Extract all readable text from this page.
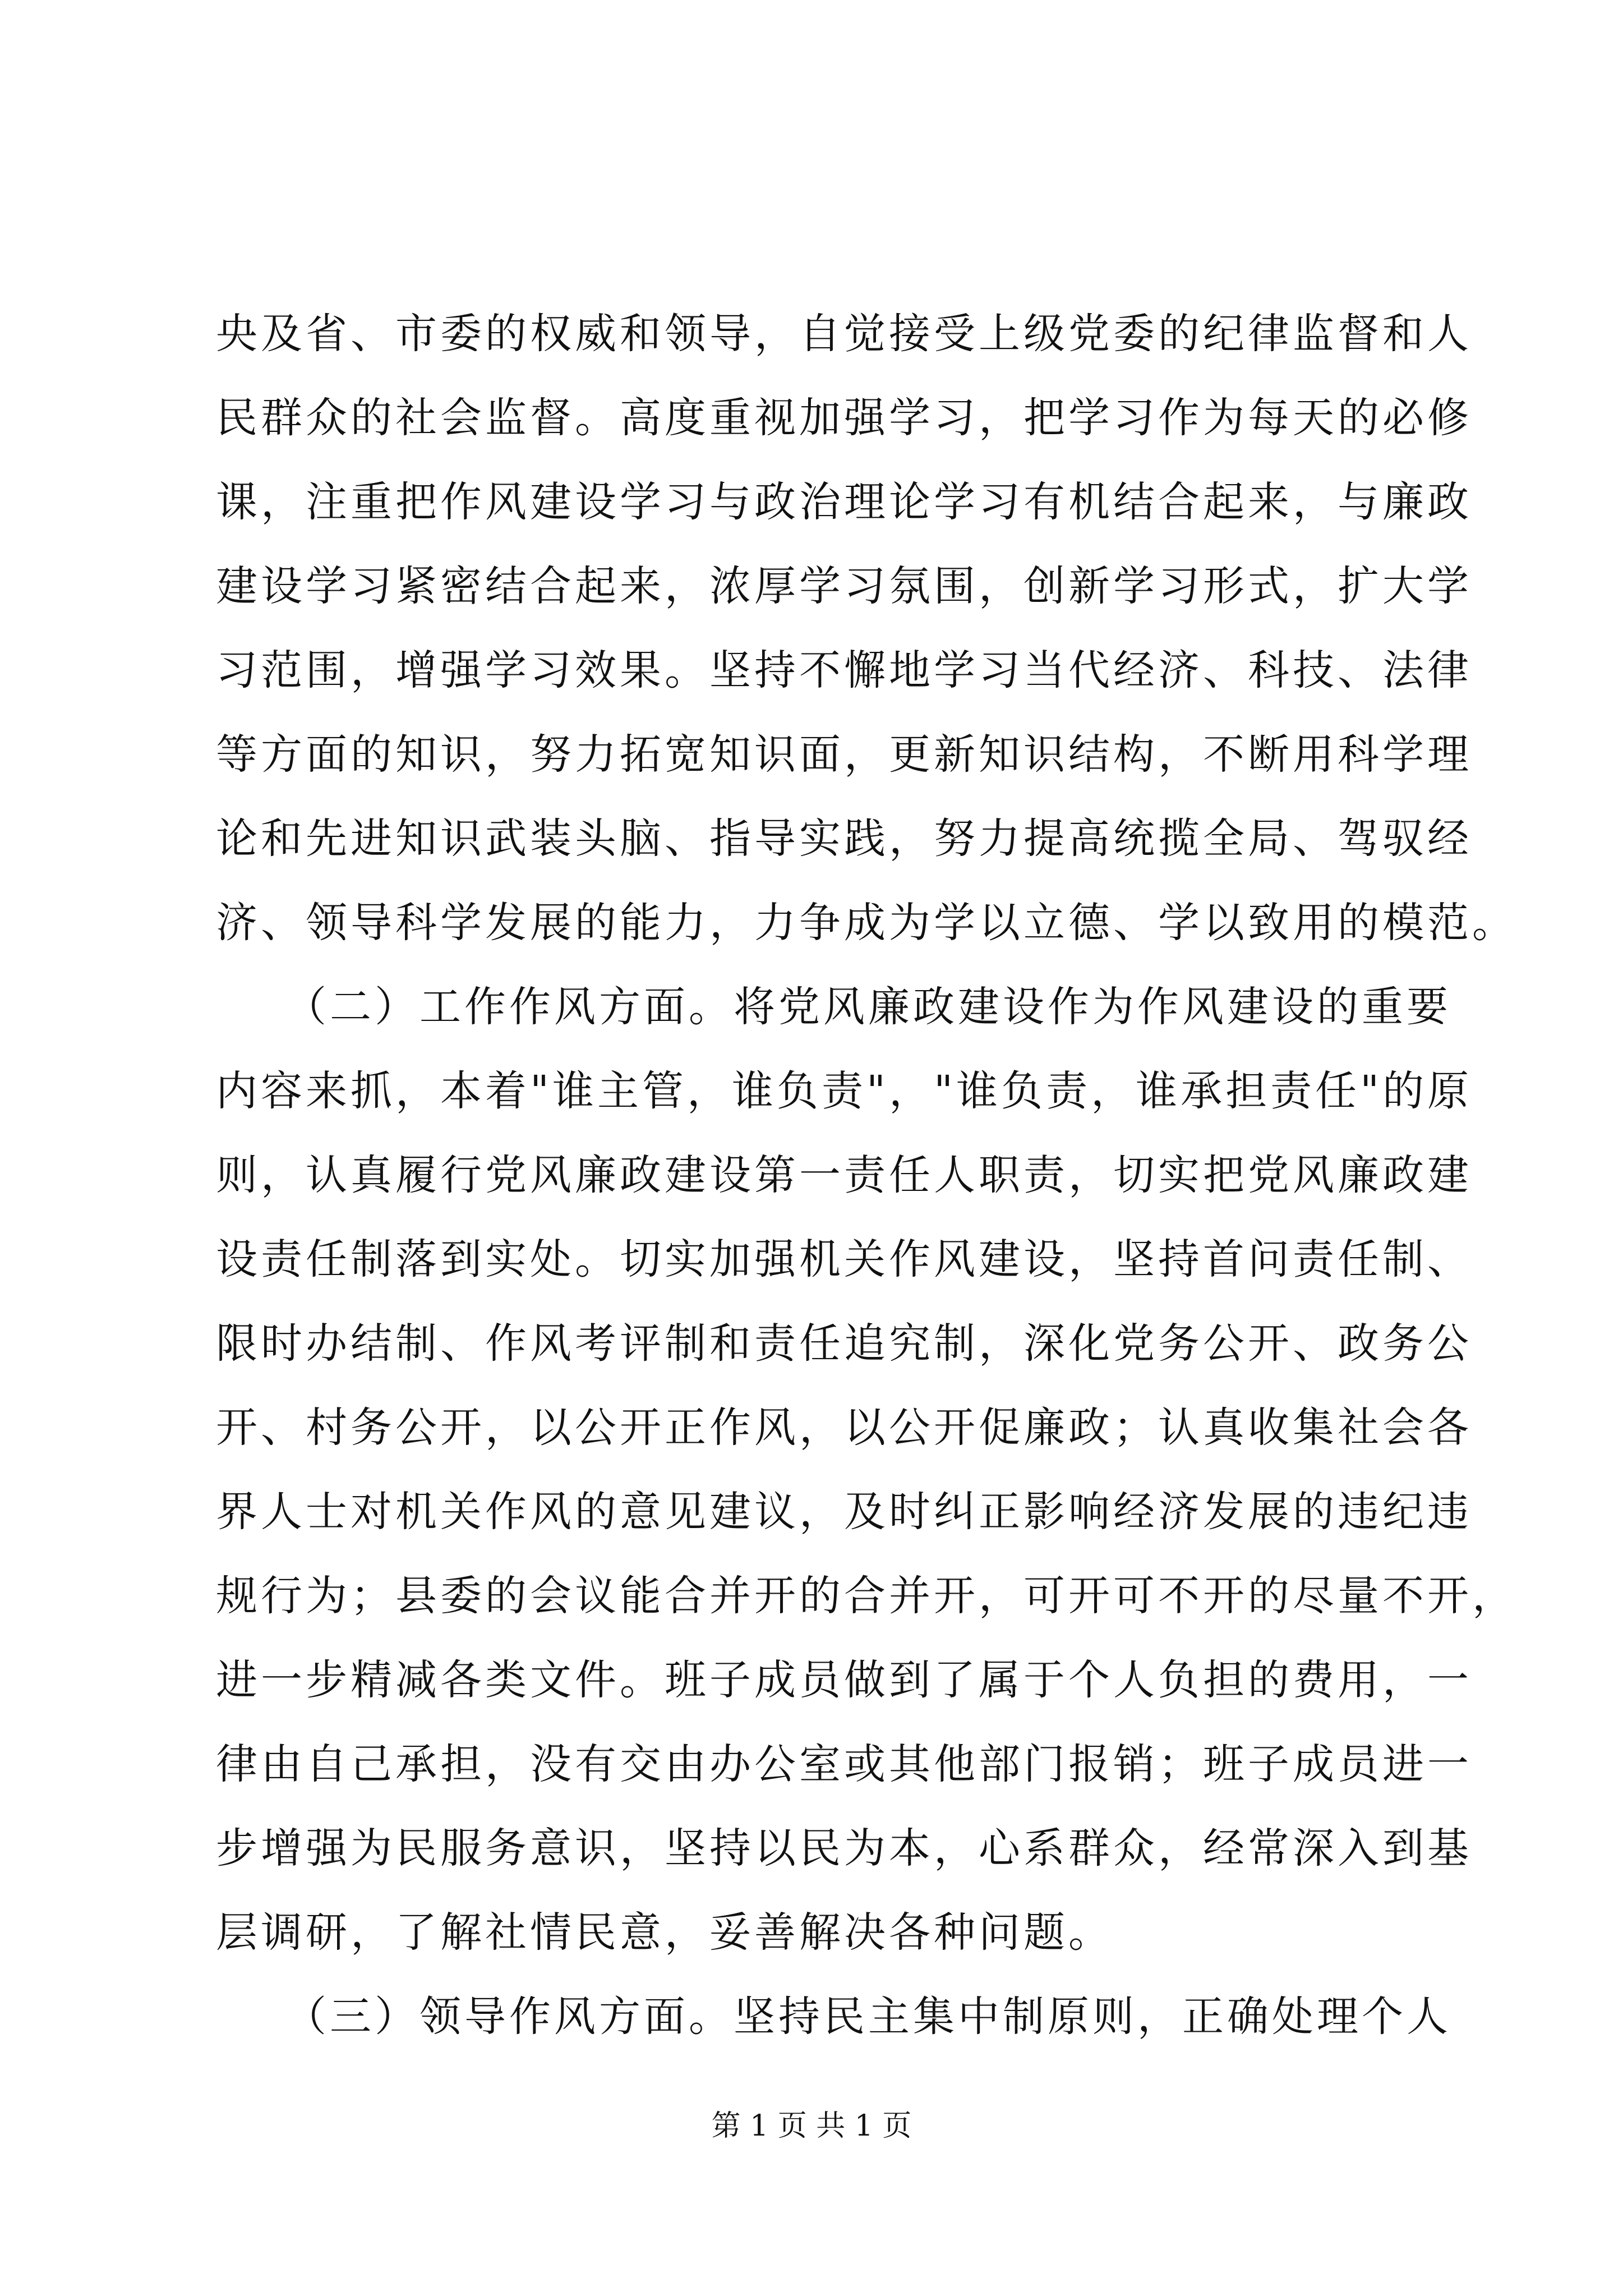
央及省、市委的权威和领导，自觉接受上级党委的纪律监督和人
民群众的社会监督。高度重视加强学习，把学习作为每天的必修
课，注重把作风建设学习与政治理论学习有机结合起来，与廉政
建设学习紧密结合起来，浓厚学习氛围，创新学习形式，扩大学
习范围，增强学习效果。坚持不懈地学习当代经济、科技、法律
等方面的知识，努力拓宽知识面，更新知识结构，不断用科学理
论和先进知识武装头脑、指导实践，努力提高统揽全局、驾驭经
济、领导科学发展的能力，力争成为学以立德、学以致用的模范。
　　（二）工作作风方面。将党风廉政建设作为作风建设的重要
内容来抓，本着"谁主管，谁负责"，"谁负责，谁承担责任"的原
则，认真履行党风廉政建设第一责任人职责，切实把党风廉政建
设责任制落到实处。切实加强机关作风建设，坚持首问责任制、
限时办结制、作风考评制和责任追究制，深化党务公开、政务公
开、村务公开，以公开正作风，以公开促廉政；认真收集社会各
界人士对机关作风的意见建议，及时纠正影响经济发展的违纪违
规行为；县委的会议能合并开的合并开，可开可不开的尽量不开，
进一步精减各类文件。班子成员做到了属于个人负担的费用，一
律由自己承担，没有交由办公室或其他部门报销；班子成员进一
步增强为民服务意识，坚持以民为本，心系群众，经常深入到基
层调研，了解社情民意，妥善解决各种问题。
　　（三）领导作风方面。坚持民主集中制原则，正确处理个人
第 1 页 共 1 页
